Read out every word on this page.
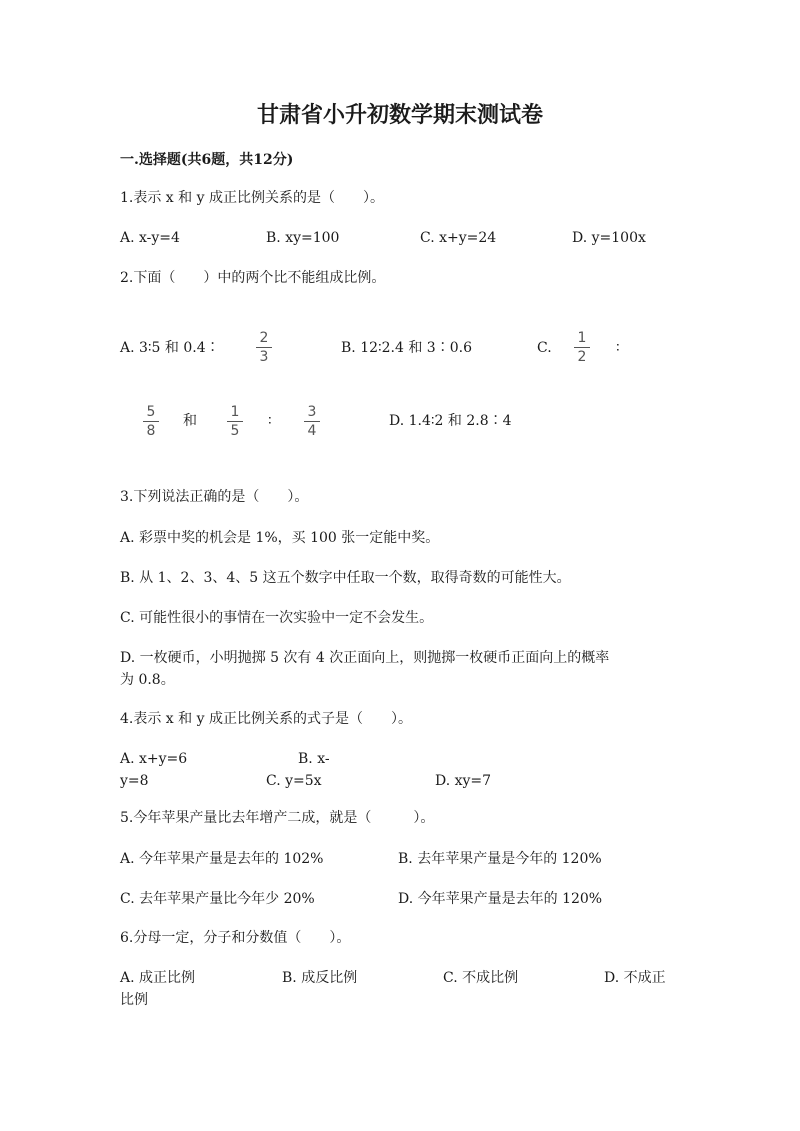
甘肃省小升初数学期末测试卷
一.选择题(共6题，共12分)
1.表示 x 和 y 成正比例关系的是（　　）。
A. x-y=4	B. xy=100	C. x+y=24	D. y=100x
2.下面（　　）中的两个比不能组成比例。
A. 3∶5 和 0.4∶
2
3
B. 12∶2.4 和 3∶0.6	C.
1
2
∶
5
8
和
1
5
∶
3
4
D. 1.4∶2 和 2.8∶4
3.下列说法正确的是（　　）。
A. 彩票中奖的机会是 1%，买 100 张一定能中奖。
B. 从 1、2、3、4、5 这五个数字中任取一个数，取得奇数的可能性大。
C. 可能性很小的事情在一次实验中一定不会发生。
D. 一枚硬币，小明抛掷 5 次有 4 次正面向上，则抛掷一枚硬币正面向上的概率
为 0.8。
4.表示 x 和 y 成正比例关系的式子是（　　）。
A. x+y=6	B. x-
y=8	C. y=5x	D. xy=7
5.今年苹果产量比去年增产二成，就是（　　　）。
A. 今年苹果产量是去年的 102%	B. 去年苹果产量是今年的 120%
C. 去年苹果产量比今年少 20%	D. 今年苹果产量是去年的 120%
6.分母一定，分子和分数值（　　）。
A. 成正比例	B. 成反比例	C. 不成比例	D. 不成正
比例
